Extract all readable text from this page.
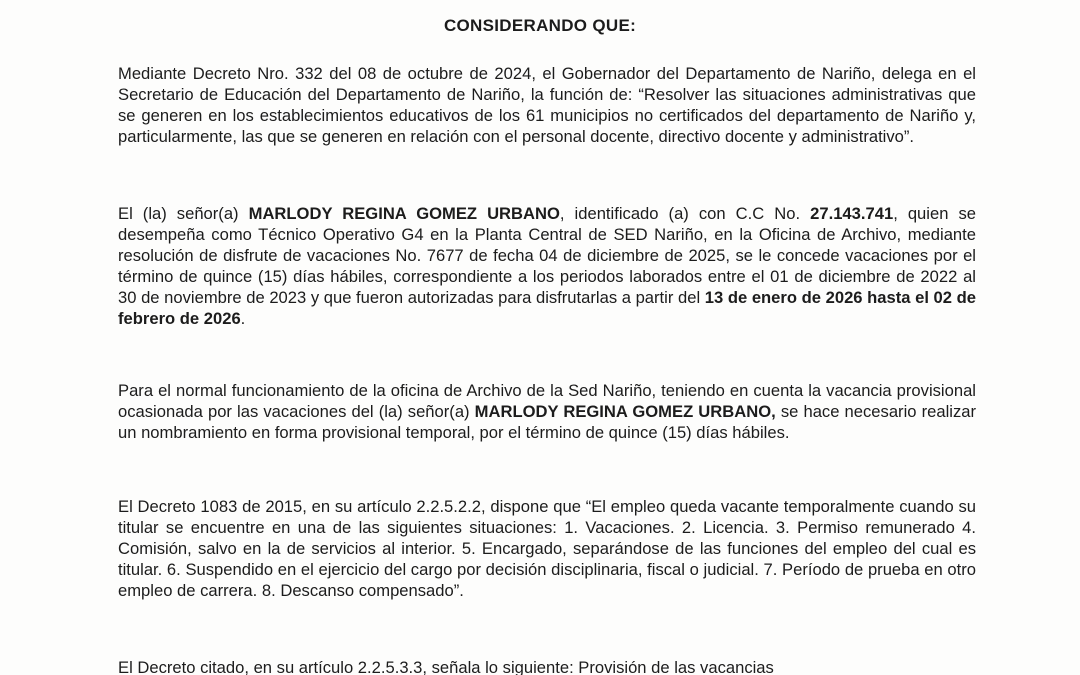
CONSIDERANDO QUE:

Mediante Decreto Nro. 332 del 08 de octubre de 2024, el Gobernador del Departamento de Nariño, delega en el Secretario de Educación del Departamento de Nariño, la función de: “Resolver las situaciones administrativas que se generen en los establecimientos educativos de los 61 municipios no certificados del departamento de Nariño y, particularmente, las que se generen en relación con el personal docente, directivo docente y administrativo”.

El (la) señor(a) MARLODY REGINA GOMEZ URBANO, identificado (a) con C.C No. 27.143.741, quien se desempeña como Técnico Operativo G4 en la Planta Central de SED Nariño, en la Oficina de Archivo, mediante resolución de disfrute de vacaciones No. 7677 de fecha 04 de diciembre de 2025, se le concede vacaciones por el término de quince (15) días hábiles, correspondiente a los periodos laborados entre el 01 de diciembre de 2022 al 30 de noviembre de 2023 y que fueron autorizadas para disfrutarlas a partir del 13 de enero de 2026 hasta el 02 de febrero de 2026.

Para el normal funcionamiento de la oficina de Archivo de la Sed Nariño, teniendo en cuenta la vacancia provisional ocasionada por las vacaciones del (la) señor(a) MARLODY REGINA GOMEZ URBANO, se hace necesario realizar un nombramiento en forma provisional temporal, por el término de quince (15) días hábiles.

El Decreto 1083 de 2015, en su artículo 2.2.5.2.2, dispone que “El empleo queda vacante temporalmente cuando su titular se encuentre en una de las siguientes situaciones: 1. Vacaciones. 2. Licencia. 3. Permiso remunerado 4. Comisión, salvo en la de servicios al interior. 5. Encargado, separándose de las funciones del empleo del cual es titular. 6. Suspendido en el ejercicio del cargo por decisión disciplinaria, fiscal o judicial. 7. Período de prueba en otro empleo de carrera. 8. Descanso compensado”.

El Decreto citado, en su artículo 2.2.5.3.3, señala lo siguiente: Provisión de las vacancias
